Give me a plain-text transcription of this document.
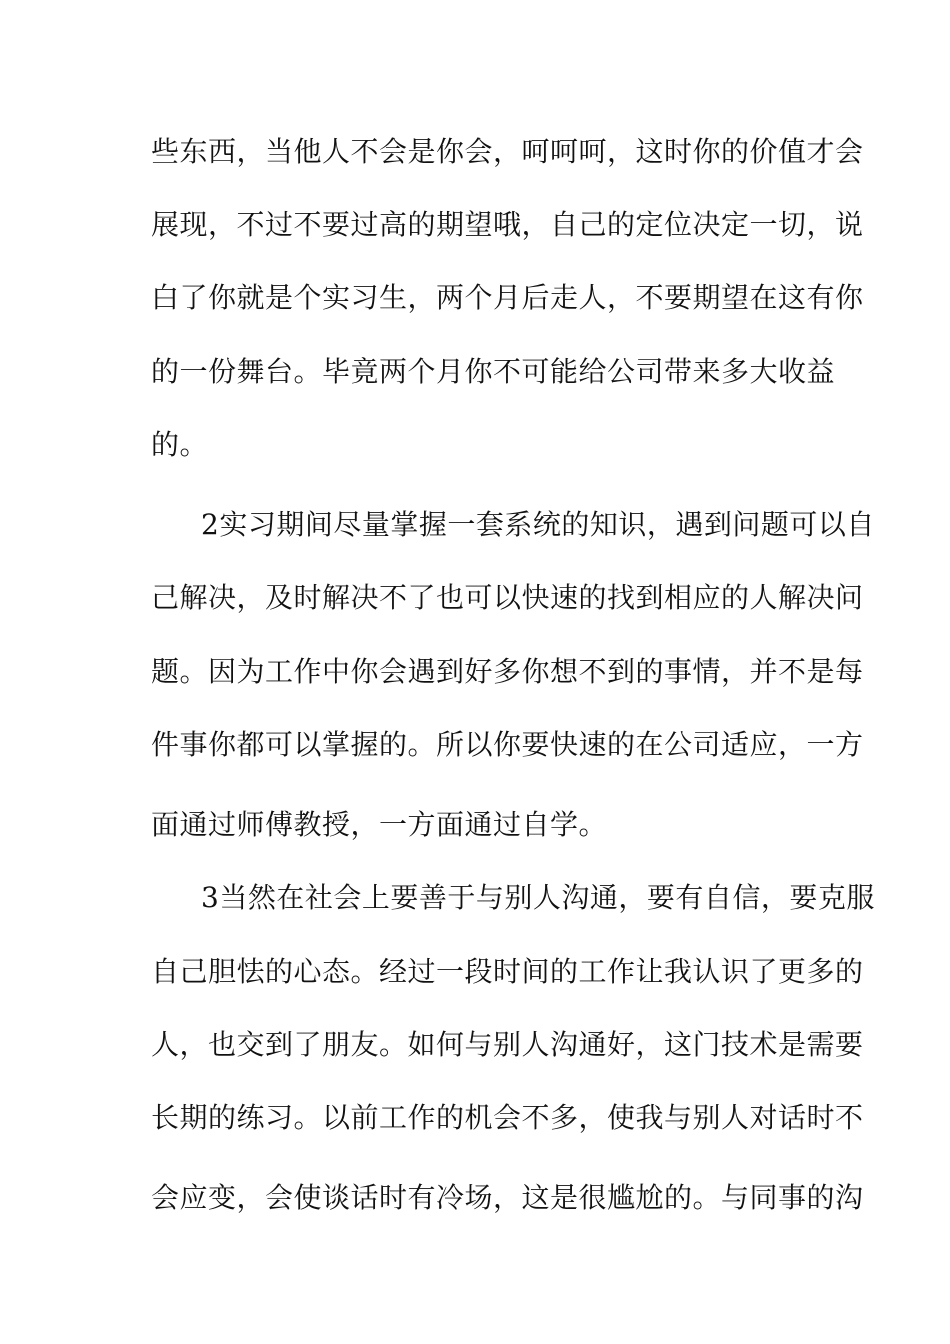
些东西，当他人不会是你会，呵呵呵，这时你的价值才会
展现，不过不要过高的期望哦，自己的定位决定一切，说
白了你就是个实习生，两个月后走人，不要期望在这有你
的一份舞台。毕竟两个月你不可能给公司带来多大收益
的。
2实习期间尽量掌握一套系统的知识，遇到问题可以自
己解决，及时解决不了也可以快速的找到相应的人解决问
题。因为工作中你会遇到好多你想不到的事情，并不是每
件事你都可以掌握的。所以你要快速的在公司适应，一方
面通过师傅教授，一方面通过自学。
3当然在社会上要善于与别人沟通，要有自信，要克服
自己胆怯的心态。经过一段时间的工作让我认识了更多的
人，也交到了朋友。如何与别人沟通好，这门技术是需要
长期的练习。以前工作的机会不多，使我与别人对话时不
会应变，会使谈话时有冷场，这是很尴尬的。与同事的沟
